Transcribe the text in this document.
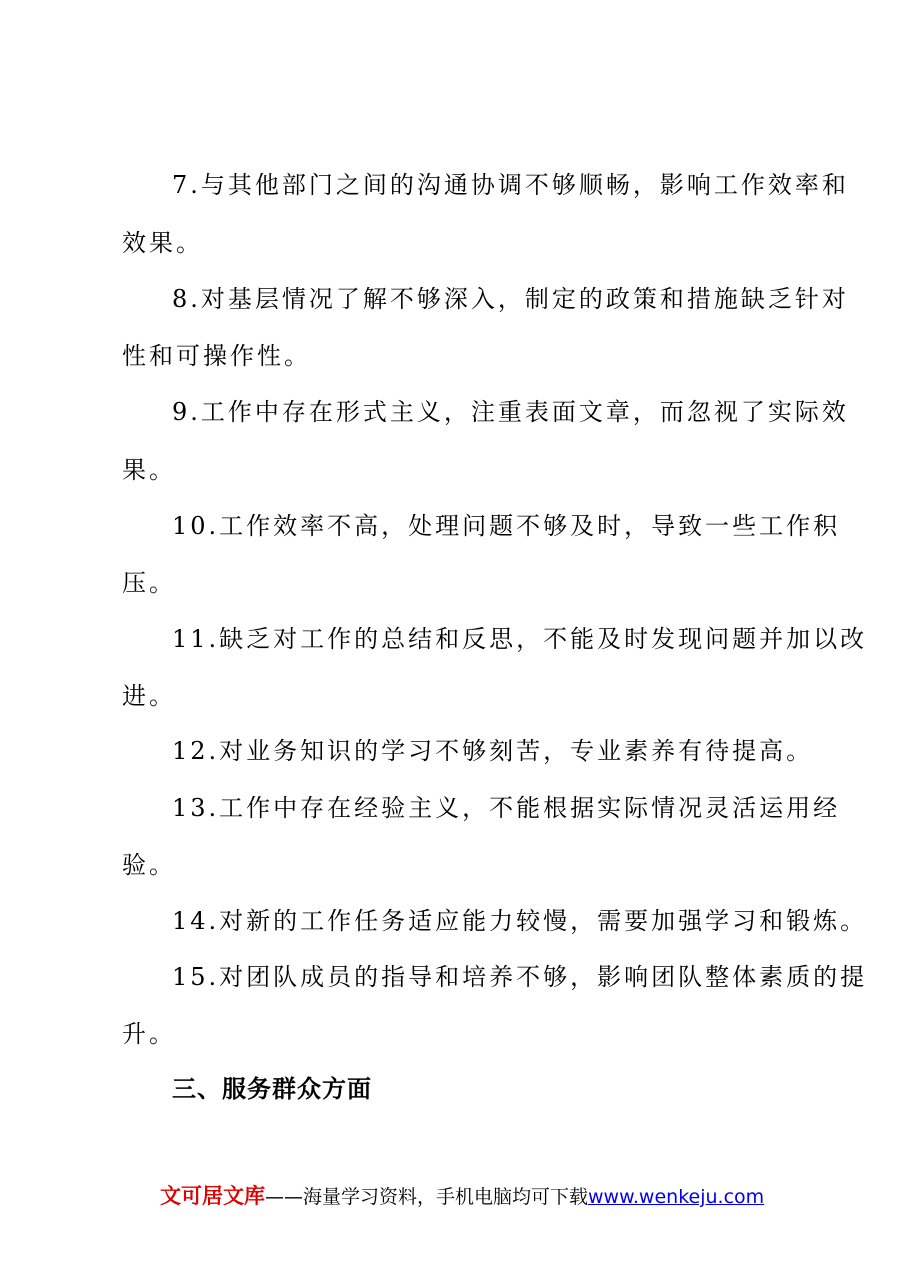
7.与其他部门之间的沟通协调不够顺畅，影响工作效率和
效果。
8.对基层情况了解不够深入，制定的政策和措施缺乏针对
性和可操作性。
9.工作中存在形式主义，注重表面文章，而忽视了实际效
果。
10.工作效率不高，处理问题不够及时，导致一些工作积
压。
11.缺乏对工作的总结和反思，不能及时发现问题并加以改
进。
12.对业务知识的学习不够刻苦，专业素养有待提高。
13.工作中存在经验主义，不能根据实际情况灵活运用经
验。
14.对新的工作任务适应能力较慢，需要加强学习和锻炼。
15.对团队成员的指导和培养不够，影响团队整体素质的提
升。
三、服务群众方面
文可居文库——海量学习资料，手机电脑均可下载www.wenkeju.com
